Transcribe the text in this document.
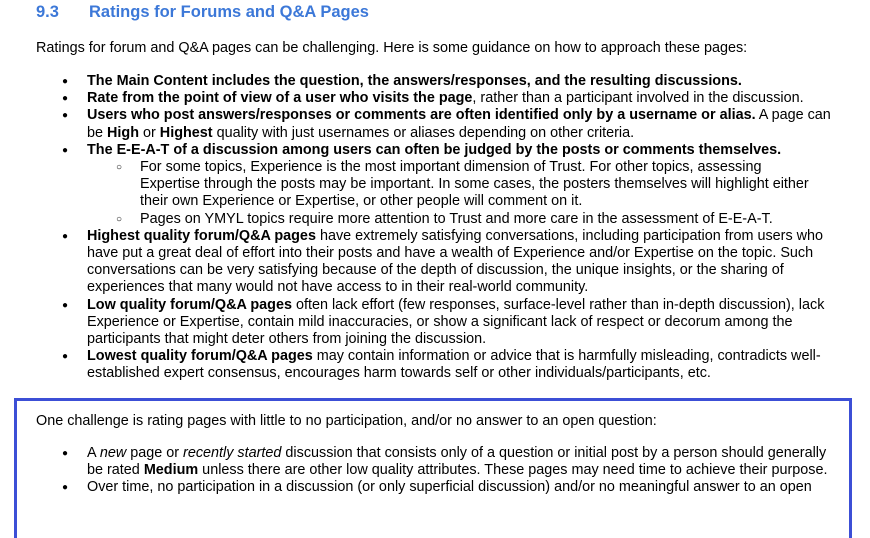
9.3 Ratings for Forums and Q&A Pages
Ratings for forum and Q&A pages can be challenging. Here is some guidance on how to approach these pages:
● The Main Content includes the question, the answers/responses, and the resulting discussions.
● Rate from the point of view of a user who visits the page, rather than a participant involved in the discussion.
● Users who post answers/responses or comments are often identified only by a username or alias. A page can be High or Highest quality with just usernames or aliases depending on other criteria.
● The E-E-A-T of a discussion among users can often be judged by the posts or comments themselves.
○ For some topics, Experience is the most important dimension of Trust. For other topics, assessing Expertise through the posts may be important. In some cases, the posters themselves will highlight either their own Experience or Expertise, or other people will comment on it.
○ Pages on YMYL topics require more attention to Trust and more care in the assessment of E-E-A-T.
● Highest quality forum/Q&A pages have extremely satisfying conversations, including participation from users who have put a great deal of effort into their posts and have a wealth of Experience and/or Expertise on the topic. Such conversations can be very satisfying because of the depth of discussion, the unique insights, or the sharing of experiences that many would not have access to in their real-world community.
● Low quality forum/Q&A pages often lack effort (few responses, surface-level rather than in-depth discussion), lack Experience or Expertise, contain mild inaccuracies, or show a significant lack of respect or decorum among the participants that might deter others from joining the discussion.
● Lowest quality forum/Q&A pages may contain information or advice that is harmfully misleading, contradicts well-established expert consensus, encourages harm towards self or other individuals/participants, etc.
One challenge is rating pages with little to no participation, and/or no answer to an open question:
● A new page or recently started discussion that consists only of a question or initial post by a person should generally be rated Medium unless there are other low quality attributes. These pages may need time to achieve their purpose.
● Over time, no participation in a discussion (or only superficial discussion) and/or no meaningful answer to an open
